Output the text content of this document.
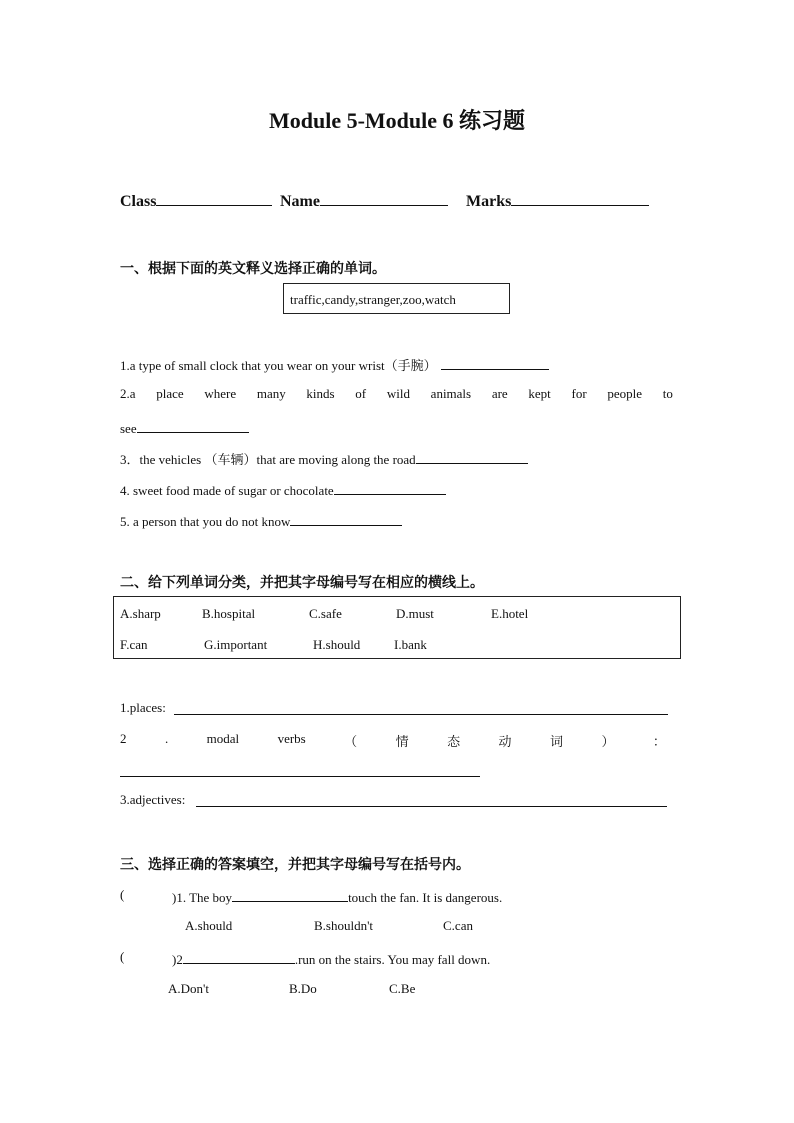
Module 5-Module 6 练习题
Class	Name	Marks
一、根据下面的英文释义选择正确的单词。
traffic,candy,stranger,zoo,watch
1.a type of small clock that you wear on your wrist（手腕）
2.a place where many kinds of wild animals are kept for people to
see
3．the vehicles （车辆）that are moving along the road
4. sweet food made of sugar or chocolate
5. a person that you do not know
二、给下列单词分类，并把其字母编号写在相应的横线上。
A.sharp	B.hospital	C.safe	D.must	E.hotel
F.can	G.important	H.should	I.bank
1.places:
2	.	modal	verbs	（	情	态	动	词	）	：
3.adjectives:
三、选择正确的答案填空，并把其字母编号写在括号内。
(	)1. The boy	touch the fan. It is dangerous.
A.should	B.shouldn't	C.can
(	)2	.run on the stairs. You may fall down.
A.Don't	B.Do	C.Be
